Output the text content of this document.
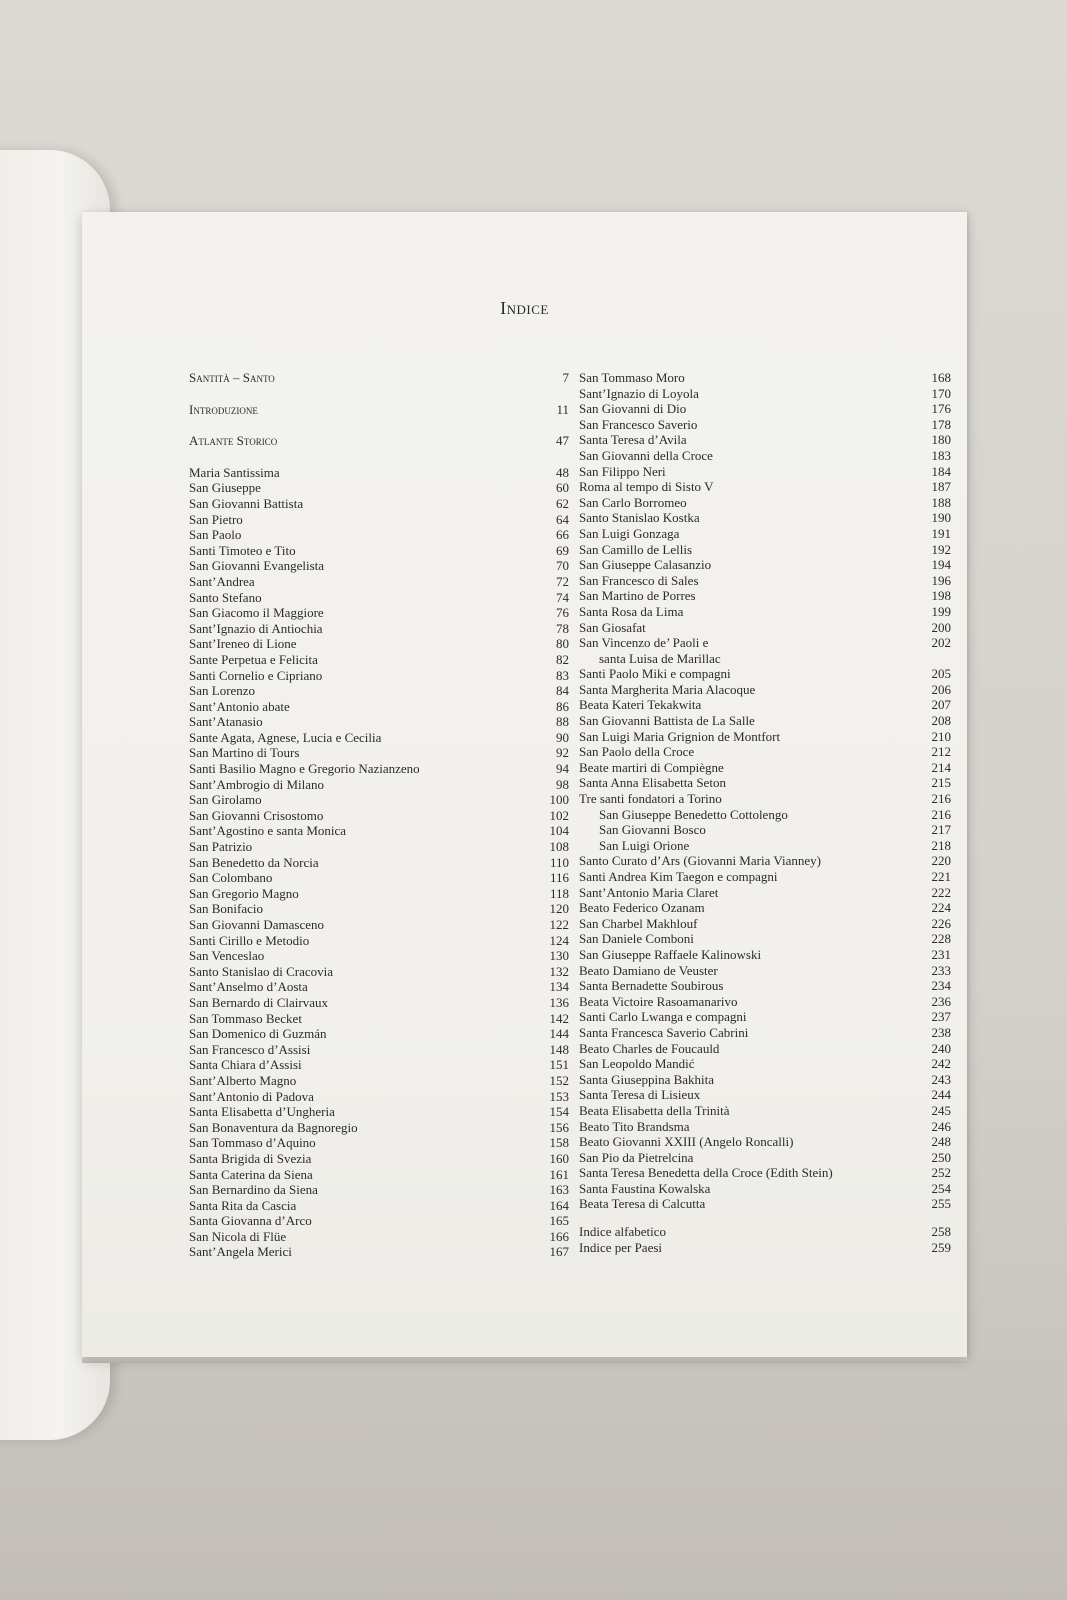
Indice
Santità – Santo	7
Introduzione	11
Atlante Storico	47
Maria Santissima	48
San Giuseppe	60
San Giovanni Battista	62
San Pietro	64
San Paolo	66
Santi Timoteo e Tito	69
San Giovanni Evangelista	70
Sant’Andrea	72
Santo Stefano	74
San Giacomo il Maggiore	76
Sant’Ignazio di Antiochia	78
Sant’Ireneo di Lione	80
Sante Perpetua e Felicita	82
Santi Cornelio e Cipriano	83
San Lorenzo	84
Sant’Antonio abate	86
Sant’Atanasio	88
Sante Agata, Agnese, Lucia e Cecilia	90
San Martino di Tours	92
Santi Basilio Magno e Gregorio Nazianzeno	94
Sant’Ambrogio di Milano	98
San Girolamo	100
San Giovanni Crisostomo	102
Sant’Agostino e santa Monica	104
San Patrizio	108
San Benedetto da Norcia	110
San Colombano	116
San Gregorio Magno	118
San Bonifacio	120
San Giovanni Damasceno	122
Santi Cirillo e Metodio	124
San Venceslao	130
Santo Stanislao di Cracovia	132
Sant’Anselmo d’Aosta	134
San Bernardo di Clairvaux	136
San Tommaso Becket	142
San Domenico di Guzmán	144
San Francesco d’Assisi	148
Santa Chiara d’Assisi	151
Sant’Alberto Magno	152
Sant’Antonio di Padova	153
Santa Elisabetta d’Ungheria	154
San Bonaventura da Bagnoregio	156
San Tommaso d’Aquino	158
Santa Brigida di Svezia	160
Santa Caterina da Siena	161
San Bernardino da Siena	163
Santa Rita da Cascia	164
Santa Giovanna d’Arco	165
San Nicola di Flüe	166
Sant’Angela Merici	167
San Tommaso Moro	168
Sant’Ignazio di Loyola	170
San Giovanni di Dio	176
San Francesco Saverio	178
Santa Teresa d’Avila	180
San Giovanni della Croce	183
San Filippo Neri	184
Roma al tempo di Sisto V	187
San Carlo Borromeo	188
Santo Stanislao Kostka	190
San Luigi Gonzaga	191
San Camillo de Lellis	192
San Giuseppe Calasanzio	194
San Francesco di Sales	196
San Martino de Porres	198
Santa Rosa da Lima	199
San Giosafat	200
San Vincenzo de’ Paoli e	202
santa Luisa de Marillac
Santi Paolo Miki e compagni	205
Santa Margherita Maria Alacoque	206
Beata Kateri Tekakwita	207
San Giovanni Battista de La Salle	208
San Luigi Maria Grignion de Montfort	210
San Paolo della Croce	212
Beate martiri di Compiègne	214
Santa Anna Elisabetta Seton	215
Tre santi fondatori a Torino	216
San Giuseppe Benedetto Cottolengo	216
San Giovanni Bosco	217
San Luigi Orione	218
Santo Curato d’Ars (Giovanni Maria Vianney)	220
Santi Andrea Kim Taegon e compagni	221
Sant’Antonio Maria Claret	222
Beato Federico Ozanam	224
San Charbel Makhlouf	226
San Daniele Comboni	228
San Giuseppe Raffaele Kalinowski	231
Beato Damiano de Veuster	233
Santa Bernadette Soubirous	234
Beata Victoire Rasoamanarivo	236
Santi Carlo Lwanga e compagni	237
Santa Francesca Saverio Cabrini	238
Beato Charles de Foucauld	240
San Leopoldo Mandić	242
Santa Giuseppina Bakhita	243
Santa Teresa di Lisieux	244
Beata Elisabetta della Trinità	245
Beato Tito Brandsma	246
Beato Giovanni XXIII (Angelo Roncalli)	248
San Pio da Pietrelcina	250
Santa Teresa Benedetta della Croce (Edith Stein)	252
Santa Faustina Kowalska	254
Beata Teresa di Calcutta	255
Indice alfabetico	258
Indice per Paesi	259
